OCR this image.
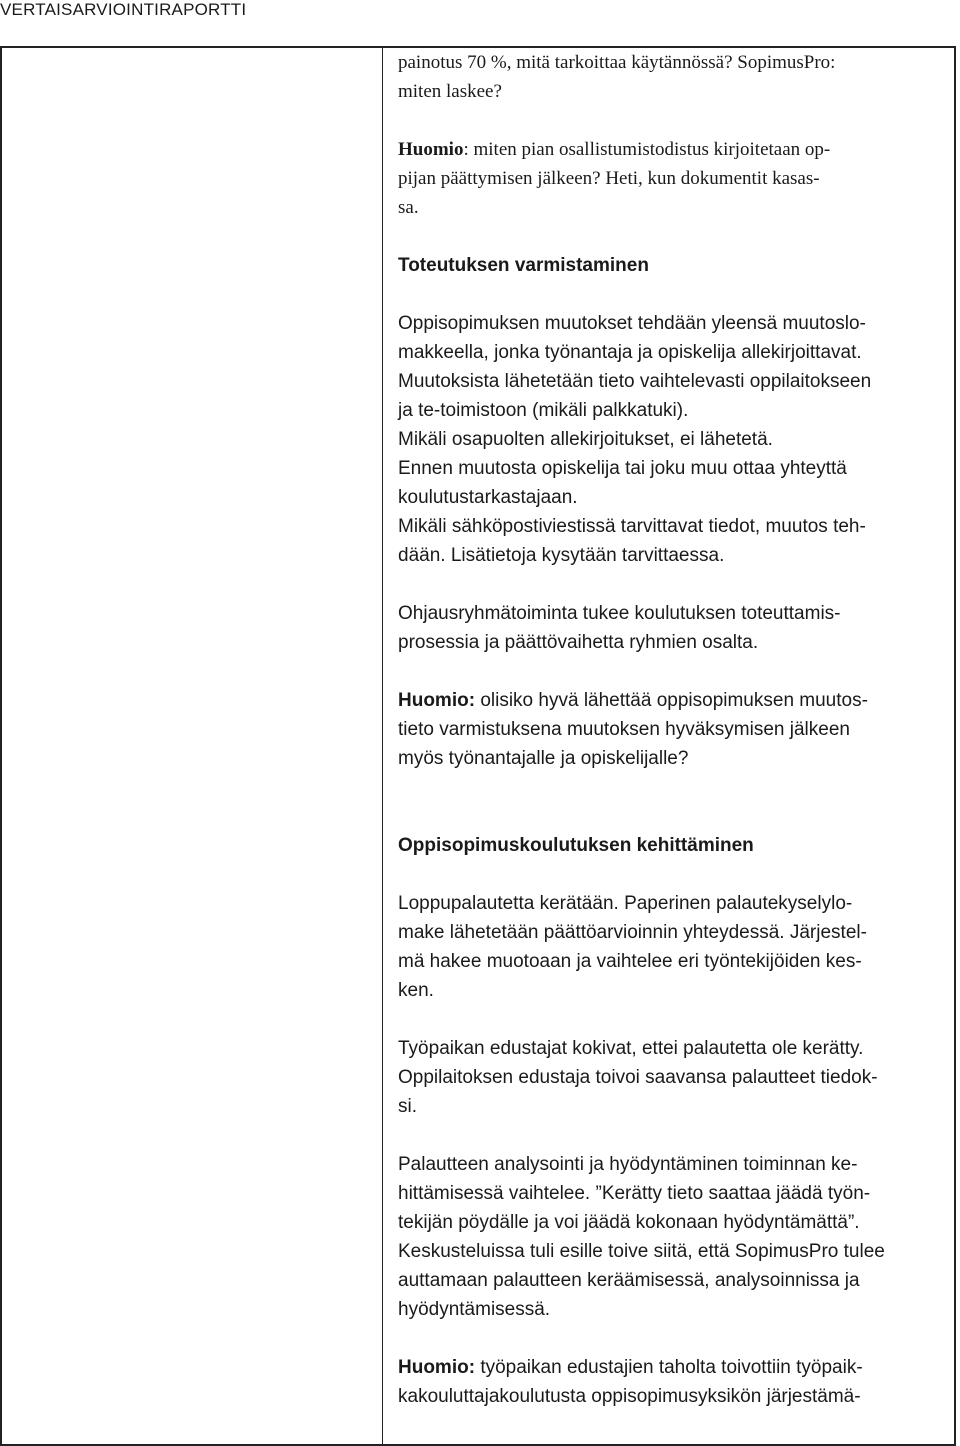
VERTAISARVIOINTIRAPORTTI

painotus 70 %, mitä tarkoittaa käytännössä? SopimusPro:

miten laskee?

Huomio: miten pian osallistumistodistus kirjoitetaan op-

pijan päättymisen jälkeen? Heti, kun dokumentit kasas-

sa.

Toteutuksen varmistaminen

Oppisopimuksen muutokset tehdään yleensä muutoslo-

makkeella, jonka työnantaja ja opiskelija allekirjoittavat.

Muutoksista lähetetään tieto vaihtelevasti oppilaitokseen

ja te-toimistoon (mikäli palkkatuki).

Mikäli osapuolten allekirjoitukset, ei lähetetä.

Ennen muutosta opiskelija tai joku muu ottaa yhteyttä

koulutustarkastajaan.

Mikäli sähköpostiviestissä tarvittavat tiedot, muutos teh-

dään. Lisätietoja kysytään tarvittaessa.

Ohjausryhmätoiminta tukee koulutuksen toteuttamis-

prosessia ja päättövaihetta ryhmien osalta.

Huomio: olisiko hyvä lähettää oppisopimuksen muutos-

tieto varmistuksena muutoksen hyväksymisen jälkeen

myös työnantajalle ja opiskelijalle?

Oppisopimuskoulutuksen kehittäminen

Loppupalautetta kerätään. Paperinen palautekyselylo-

make lähetetään päättöarvioinnin yhteydessä. Järjestel-

mä hakee muotoaan ja vaihtelee eri työntekijöiden kes-

ken.

Työpaikan edustajat kokivat, ettei palautetta ole kerätty.

Oppilaitoksen edustaja toivoi saavansa palautteet tiedok-

si.

Palautteen analysointi ja hyödyntäminen toiminnan ke-

hittämisessä vaihtelee. ”Kerätty tieto saattaa jäädä työn-

tekijän pöydälle ja voi jäädä kokonaan hyödyntämättä”.

Keskusteluissa tuli esille toive siitä, että SopimusPro tulee

auttamaan palautteen keräämisessä, analysoinnissa ja

hyödyntämisessä.

Huomio: työpaikan edustajien taholta toivottiin työpaik-

kakouluttajakoulutusta oppisopimusyksikön järjestämä-
